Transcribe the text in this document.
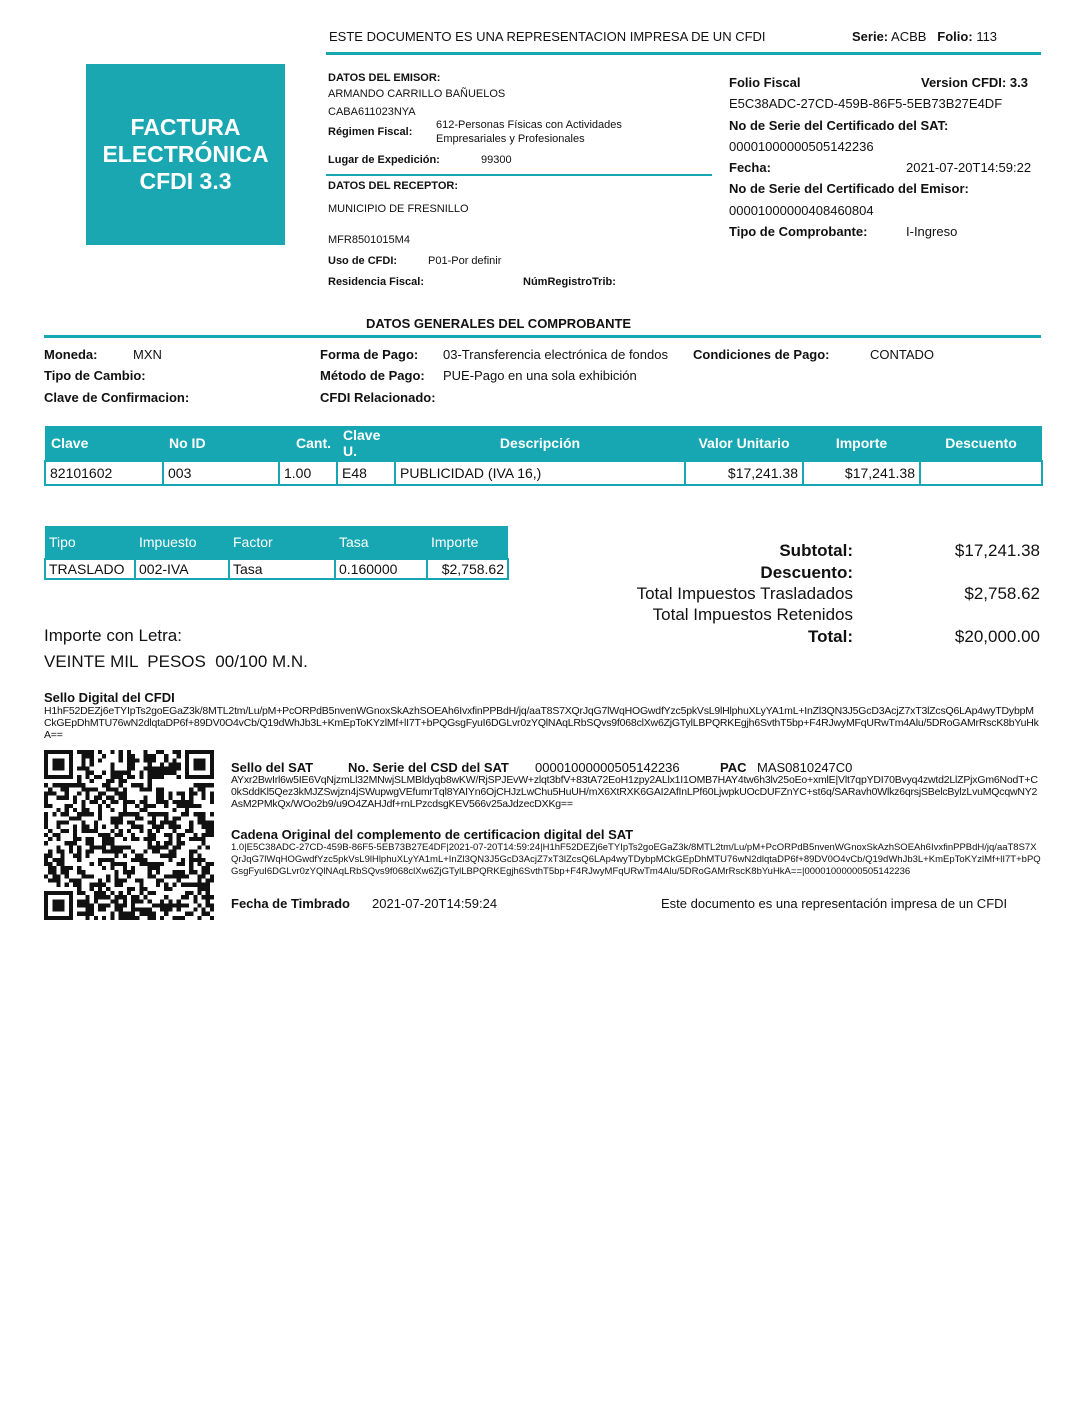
ESTE DOCUMENTO ES UNA REPRESENTACION IMPRESA DE UN CFDI	Serie: ACBB Folio: 113
FACTURA
ELECTRÓNICA
CFDI 3.3
DATOS DEL EMISOR:
ARMANDO CARRILLO BAÑUELOS
CABA611023NYA
Régimen Fiscal:
612-Personas Físicas con Actividades
Empresariales y Profesionales
Lugar de Expedición:	99300
DATOS DEL RECEPTOR:
MUNICIPIO DE FRESNILLO
MFR8501015M4
Uso de CFDI:	P01-Por definir
Residencia Fiscal:	NúmRegistroTrib:
Folio Fiscal	Version CFDI: 3.3
E5C38ADC-27CD-459B-86F5-5EB73B27E4DF
No de Serie del Certificado del SAT:
00001000000505142236
Fecha:	2021-07-20T14:59:22
No de Serie del Certificado del Emisor:
00001000000408460804
Tipo de Comprobante:	I-Ingreso
DATOS GENERALES DEL COMPROBANTE
Moneda:	MXN
Tipo de Cambio:
Clave de Confirmacion:
Forma de Pago: 03-Transferencia electrónica de fondos
Método de Pago: PUE-Pago en una sola exhibición
CFDI Relacionado:
Condiciones de Pago:	CONTADO
Clave	No ID	Cant.	Clave U.	Descripción	Valor Unitario	Importe	Descuento
82101602	003	1.00	E48	PUBLICIDAD (IVA 16,)	$17,241.38	$17,241.38	
Tipo	Impuesto	Factor	Tasa	Importe
TRASLADO	002-IVA	Tasa	0.160000	$2,758.62
Subtotal:	$17,241.38
Descuento:
Total Impuestos Trasladados	$2,758.62
Total Impuestos Retenidos
Total:	$20,000.00
Importe con Letra:
VEINTE MIL  PESOS  00/100 M.N.
Sello Digital del CFDI
H1hF52DEZj6eTYIpTs2goEGaZ3k/8MTL2tm/Lu/pM+PcORPdB5nvenWGnoxSkAzhSOEAh6IvxfinPPBdH/jq/aaT8S7XQrJqG7lWqHOGwdfYzc5pkVsL9lHlphuXLyYA1mL+InZl3QN3J5GcD3AcjZ7xT3lZcsQ6LAp4wyTDybpMCkGEpDhMTU76wN2dlqtaDP6f+89DV0O4vCb/Q19dWhJb3L+KmEpToKYzlMf+lI7T+bPQGsgFyuI6DGLvr0zYQlNAqLRbSQvs9f068clXw6ZjGTylLBPQRKEgjh6SvthT5bp+F4RJwyMFqURwTm4Alu/5DRoGAMrRscK8bYuHkA==
Sello del SAT	No. Serie del CSD del SAT 00001000000505142236	PAC MAS0810247C0
AYxr2BwIrl6w5IE6VqNjzmLl32MNwjSLMBldyqb8wKW/RjSPJEvW+zlqt3bfV+83tA72EoH1zpy2ALlx1I1OMB7HAY4tw6h3lv25oEo+xmlE|Vlt7qpYDI70Bvyq4zwtd2LlZPjxGm6NodT+C0kSddKl5Qez3kMJZSwjzn4jSWupwgVEfumrTql8YAIYn6OjCHJzLwChu5HuUH/mX6XtRXK6GAI2AfInLPf60LjwpkUOcDUFZnYC+st6q/SARavh0Wlkz6qrsjSBelcBylzLvuMQcqwNY2AsM2PMkQx/WOo2b9/u9O4ZAHJdf+rnLPzcdsgKEV566v25aJdzecDXKg==
Cadena Original del complemento de certificacion digital del SAT
1.0|E5C38ADC-27CD-459B-86F5-5EB73B27E4DF|2021-07-20T14:59:24|H1hF52DEZj6eTYIpTs2goEGaZ3k/8MTL2tm/Lu/pM+PcORPdB5nvenWGnoxSkAzhSOEAh6IvxfinPPBdH/jq/aaT8S7XQrJqG7lWqHOGwdfYzc5pkVsL9lHlphuXLyYA1mL+InZl3QN3J5GcD3AcjZ7xT3lZcsQ6LAp4wyTDybpMCkGEpDhMTU76wN2dlqtaDP6f+89DV0O4vCb/Q19dWhJb3L+KmEpToKYzlMf+lI7T+bPQGsgFyuI6DGLvr0zYQlNAqLRbSQvs9f068clXw6ZjGTylLBPQRKEgjh6SvthT5bp+F4RJwyMFqURwTm4Alu/5DRoGAMrRscK8bYuHkA==|00001000000505142236
Fecha de Timbrado 2021-07-20T14:59:24	Este documento es una representación impresa de un CFDI
